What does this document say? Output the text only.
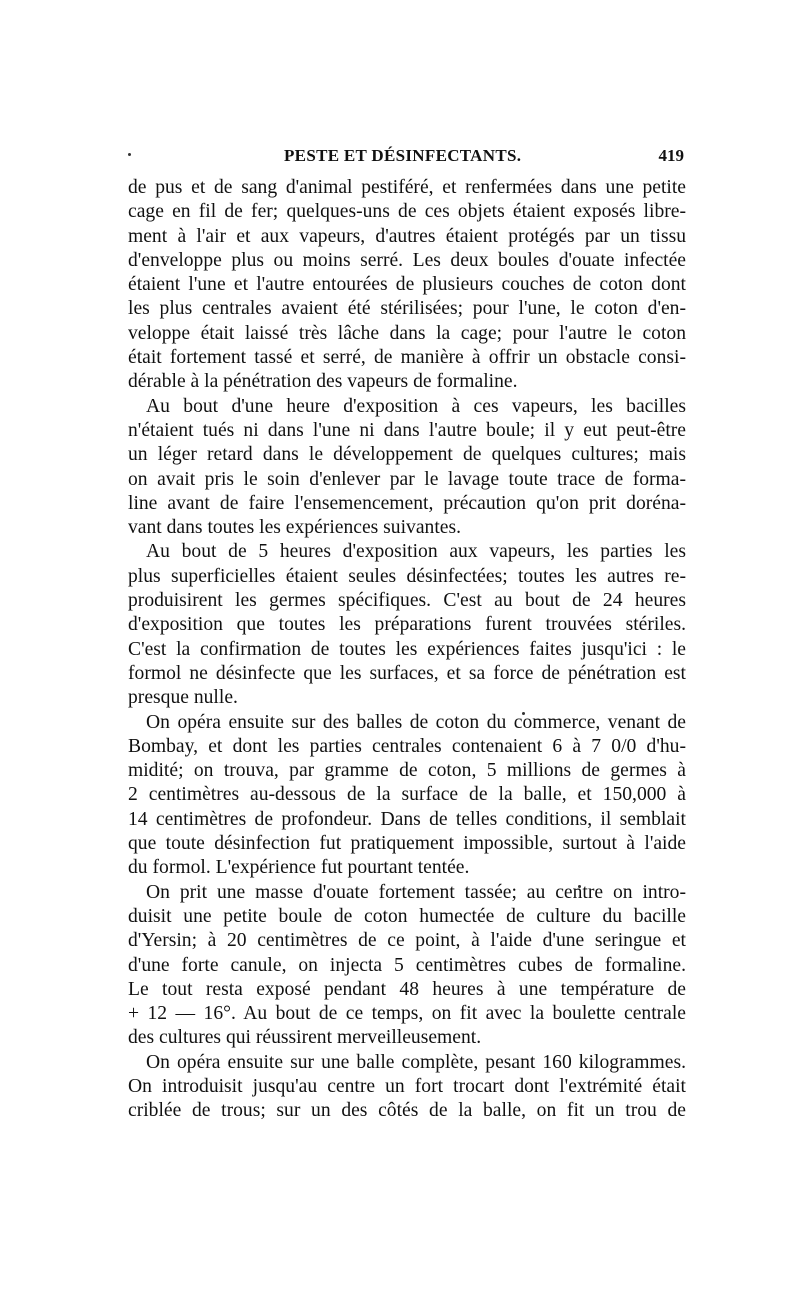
PESTE ET DÉSINFECTANTS.	419
de pus et de sang d'animal pestiféré, et renfermées dans une petite
cage en fil de fer; quelques-uns de ces objets étaient exposés libre-
ment à l'air et aux vapeurs, d'autres étaient protégés par un tissu
d'enveloppe plus ou moins serré. Les deux boules d'ouate infectée
étaient l'une et l'autre entourées de plusieurs couches de coton dont
les plus centrales avaient été stérilisées; pour l'une, le coton d'en-
veloppe était laissé très lâche dans la cage; pour l'autre le coton
était fortement tassé et serré, de manière à offrir un obstacle consi-
dérable à la pénétration des vapeurs de formaline.
Au bout d'une heure d'exposition à ces vapeurs, les bacilles
n'étaient tués ni dans l'une ni dans l'autre boule; il y eut peut-être
un léger retard dans le développement de quelques cultures; mais
on avait pris le soin d'enlever par le lavage toute trace de forma-
line avant de faire l'ensemencement, précaution qu'on prit doréna-
vant dans toutes les expériences suivantes.
Au bout de 5 heures d'exposition aux vapeurs, les parties les
plus superficielles étaient seules désinfectées; toutes les autres re-
produisirent les germes spécifiques. C'est au bout de 24 heures
d'exposition que toutes les préparations furent trouvées stériles.
C'est la confirmation de toutes les expériences faites jusqu'ici : le
formol ne désinfecte que les surfaces, et sa force de pénétration est
presque nulle.
On opéra ensuite sur des balles de coton du commerce, venant de
Bombay, et dont les parties centrales contenaient 6 à 7 0/0 d'hu-
midité; on trouva, par gramme de coton, 5 millions de germes à
2 centimètres au-dessous de la surface de la balle, et 150,000 à
14 centimètres de profondeur. Dans de telles conditions, il semblait
que toute désinfection fut pratiquement impossible, surtout à l'aide
du formol. L'expérience fut pourtant tentée.
On prit une masse d'ouate fortement tassée; au centre on intro-
duisit une petite boule de coton humectée de culture du bacille
d'Yersin; à 20 centimètres de ce point, à l'aide d'une seringue et
d'une forte canule, on injecta 5 centimètres cubes de formaline.
Le tout resta exposé pendant 48 heures à une température de
+ 12 — 16°. Au bout de ce temps, on fit avec la boulette centrale
des cultures qui réussirent merveilleusement.
On opéra ensuite sur une balle complète, pesant 160 kilogrammes.
On introduisit jusqu'au centre un fort trocart dont l'extrémité était
criblée de trous; sur un des côtés de la balle, on fit un trou de
